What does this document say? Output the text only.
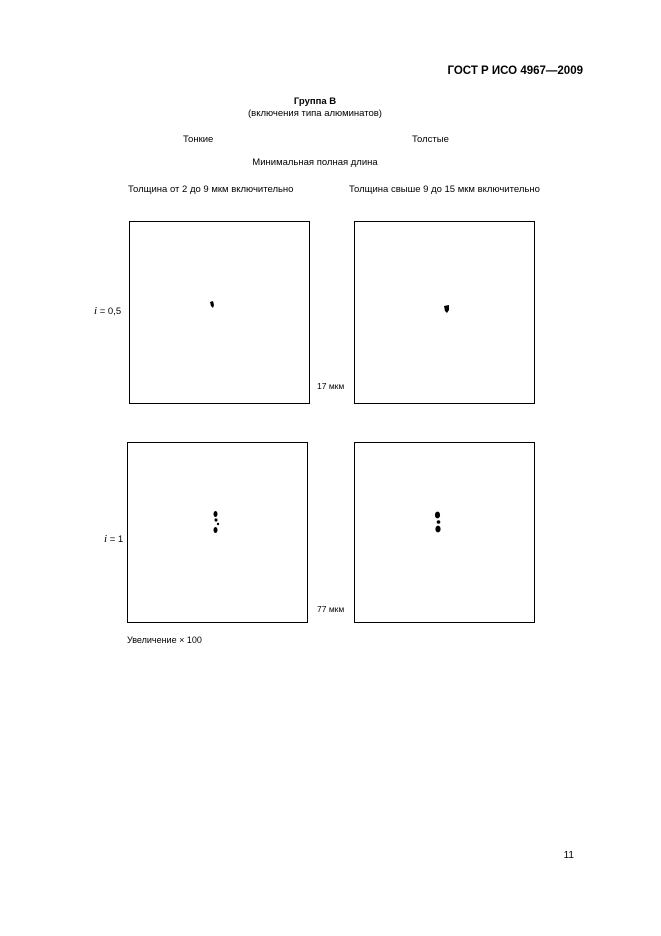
ГОСТ Р ИСО 4967—2009
Группа В
(включения типа алюминатов)
Тонкие	Толстые
Минимальная полная длина
Толщина от 2 до 9 мкм включительно	Толщина свыше 9 до 15 мкм включительно
i = 0,5
17 мкм
i = 1
77 мкм
Увеличение × 100
11
